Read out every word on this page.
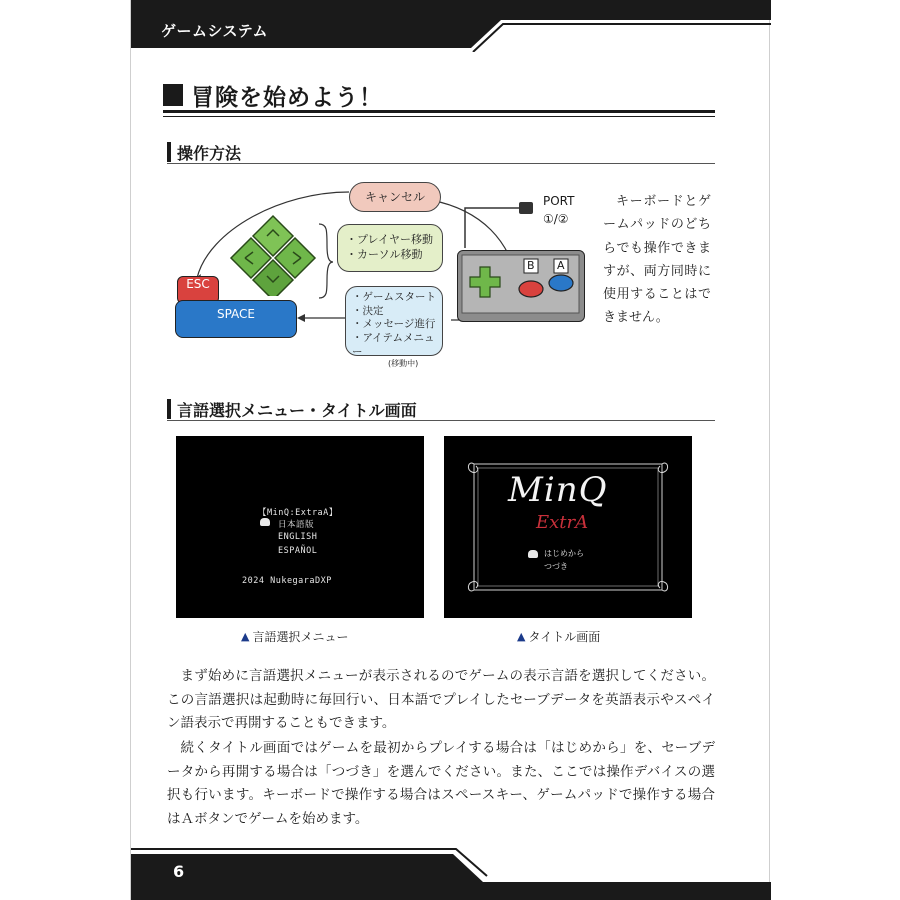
ゲームシステム
冒険を始めよう！
操作方法
キャンセル
・プレイヤー移動
・カーソル移動
・ゲームスタート
・決定
・メッセージ進行
・アイテムメニュー
(移動中)
ESC
SPACE
B A
PORT
①/②
キーボードとゲームパッドのどちらでも操作できますが、両方同時に使用することはできません。
言語選択メニュー・タイトル画面
【MinQ:ExtraA】
日本語版
ENGLISH
ESPAÑOL
2024 NukegaraDXP
MinQ
ExtrA
はじめから
つづき
▲ 言語選択メニュー	▲ タイトル画面
まず始めに言語選択メニューが表示されるのでゲームの表示言語を選択してください。この言語選択は起動時に毎回行い、日本語でプレイしたセーブデータを英語表示やスペイン語表示で再開することもできます。
続くタイトル画面ではゲームを最初からプレイする場合は「はじめから」を、セーブデータから再開する場合は「つづき」を選んでください。また、ここでは操作デバイスの選択も行います。キーボードで操作する場合はスペースキー、ゲームパッドで操作する場合はＡボタンでゲームを始めます。
6
